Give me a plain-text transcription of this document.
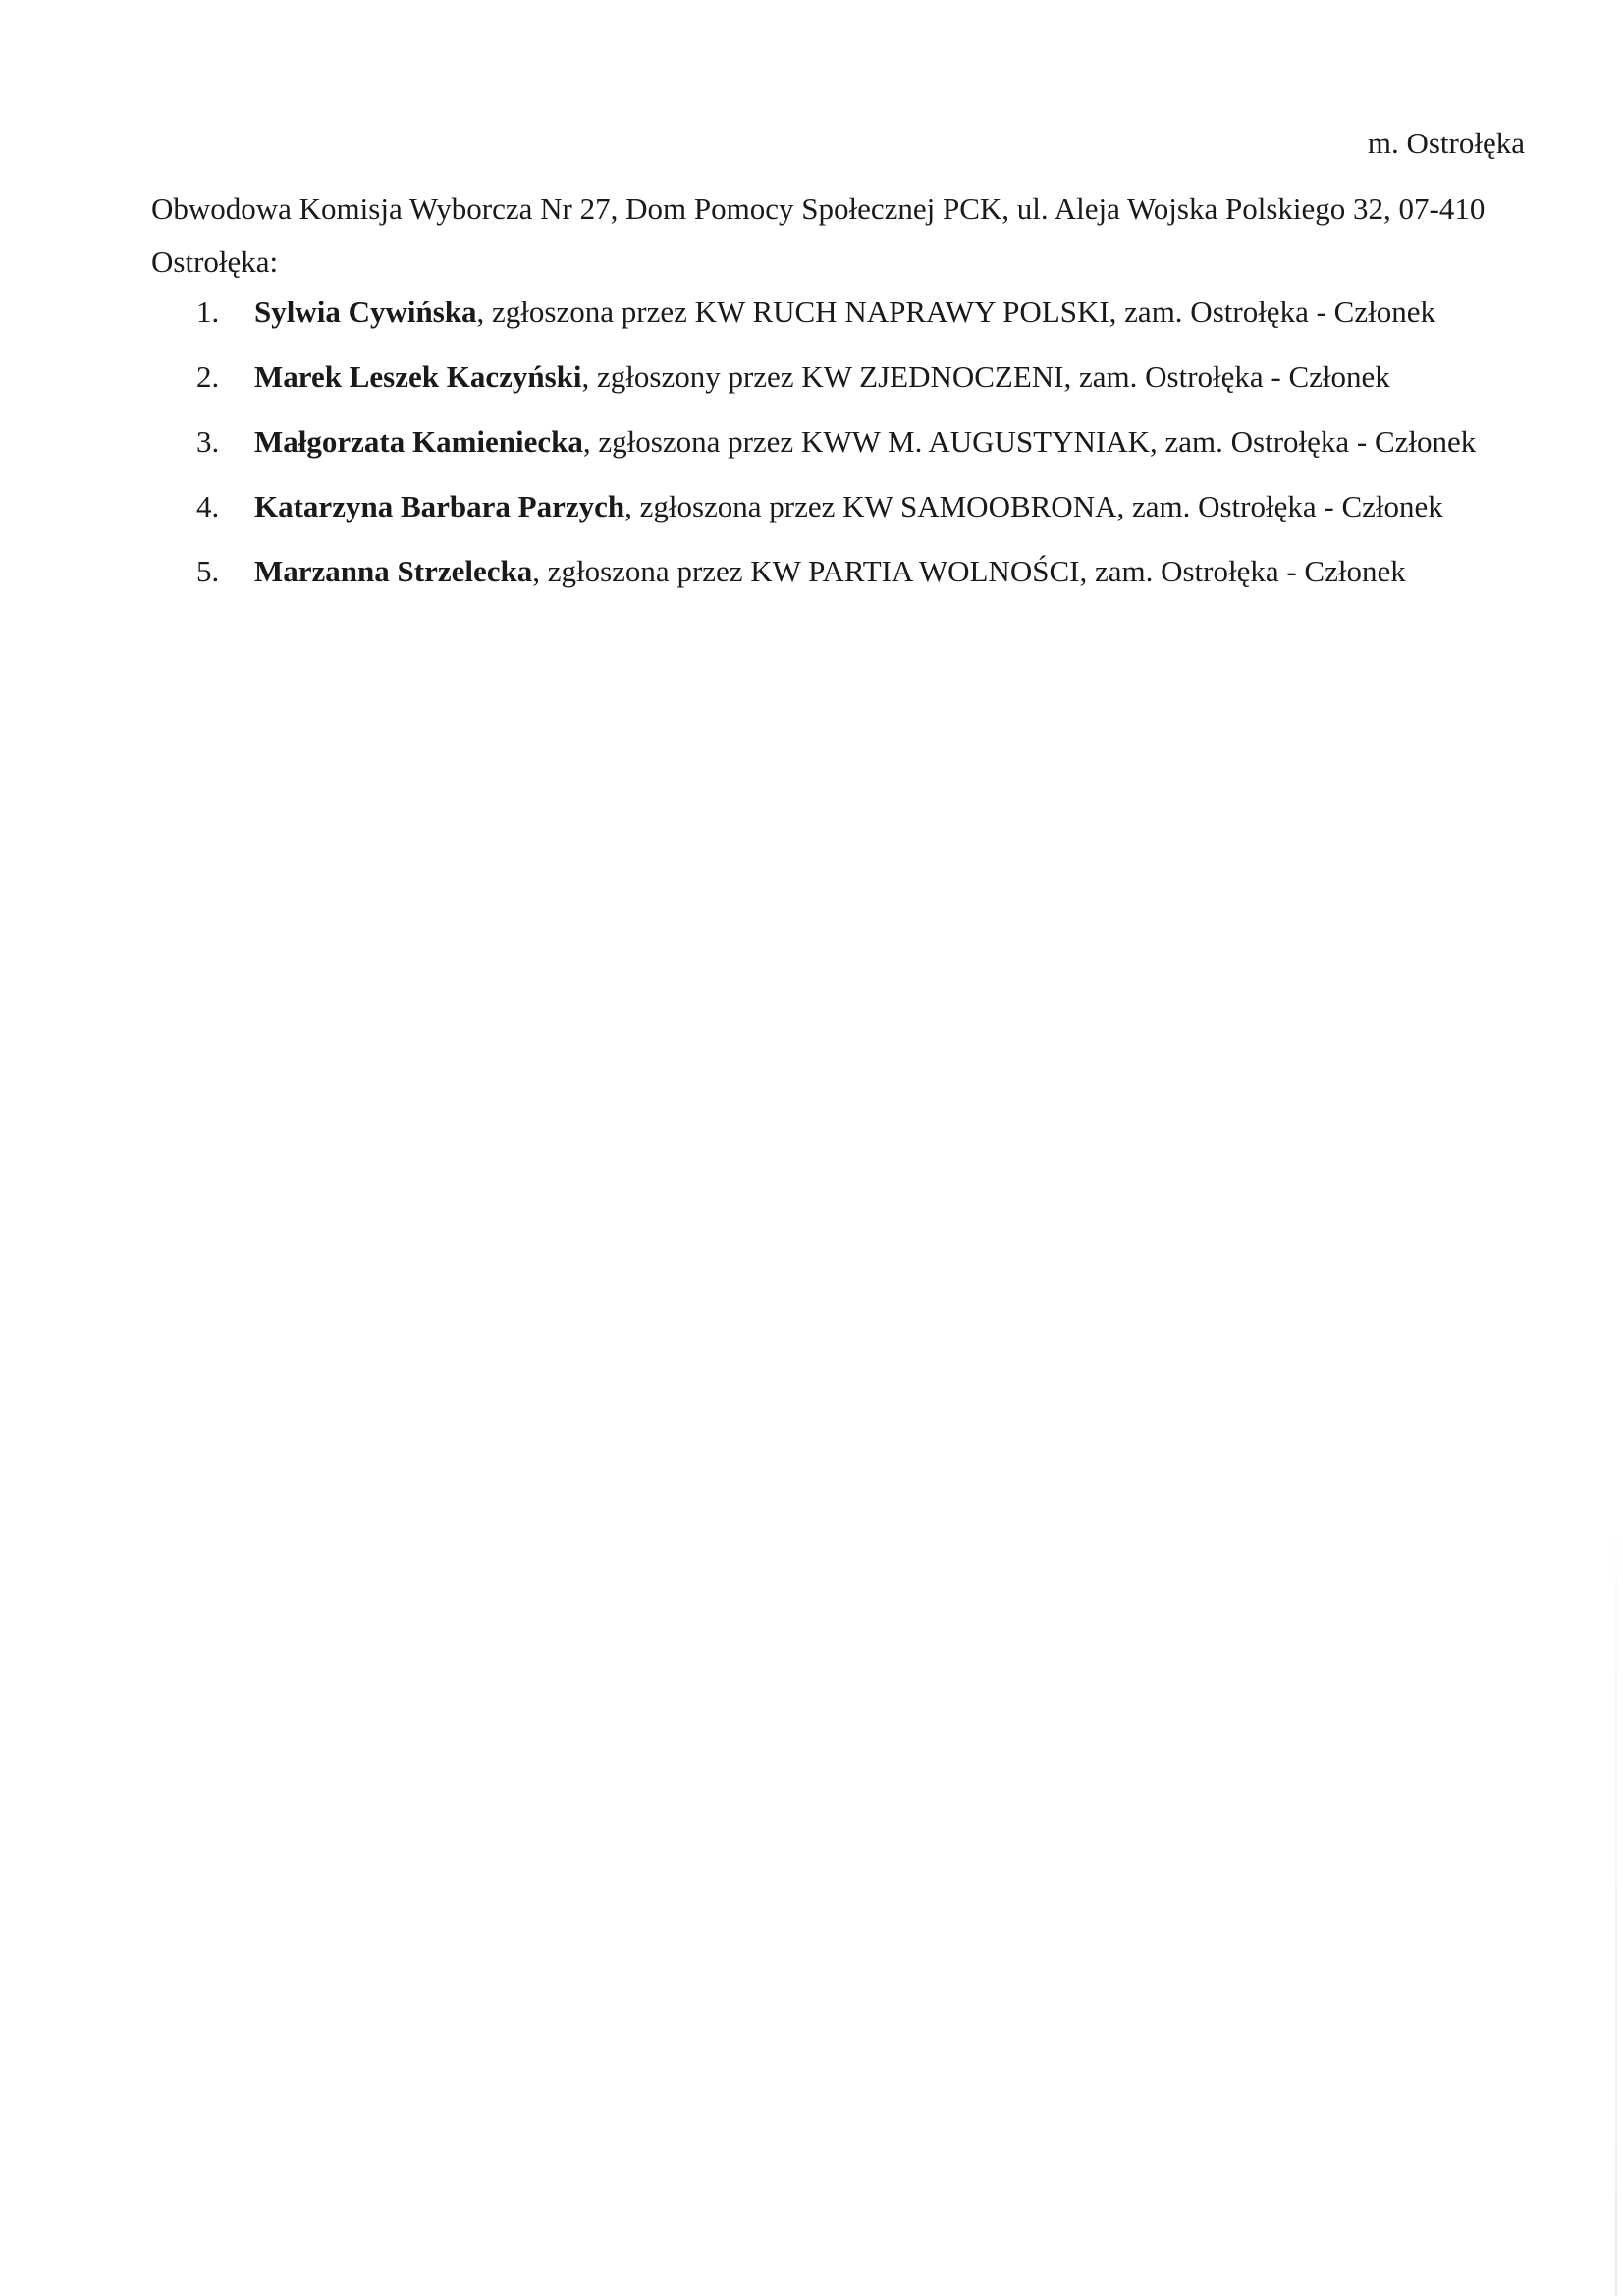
m. Ostrołęka
Obwodowa Komisja Wyborcza Nr 27, Dom Pomocy Społecznej PCK, ul. Aleja Wojska Polskiego 32, 07-410 Ostrołęka:
1. Sylwia Cywińska, zgłoszona przez KW RUCH NAPRAWY POLSKI, zam. Ostrołęka - Członek
2. Marek Leszek Kaczyński, zgłoszony przez KW ZJEDNOCZENI, zam. Ostrołęka - Członek
3. Małgorzata Kamieniecka, zgłoszona przez KWW M. AUGUSTYNIAK, zam. Ostrołęka - Członek
4. Katarzyna Barbara Parzych, zgłoszona przez KW SAMOOBRONA, zam. Ostrołęka - Członek
5. Marzanna Strzelecka, zgłoszona przez KW PARTIA WOLNOŚCI, zam. Ostrołęka - Członek
